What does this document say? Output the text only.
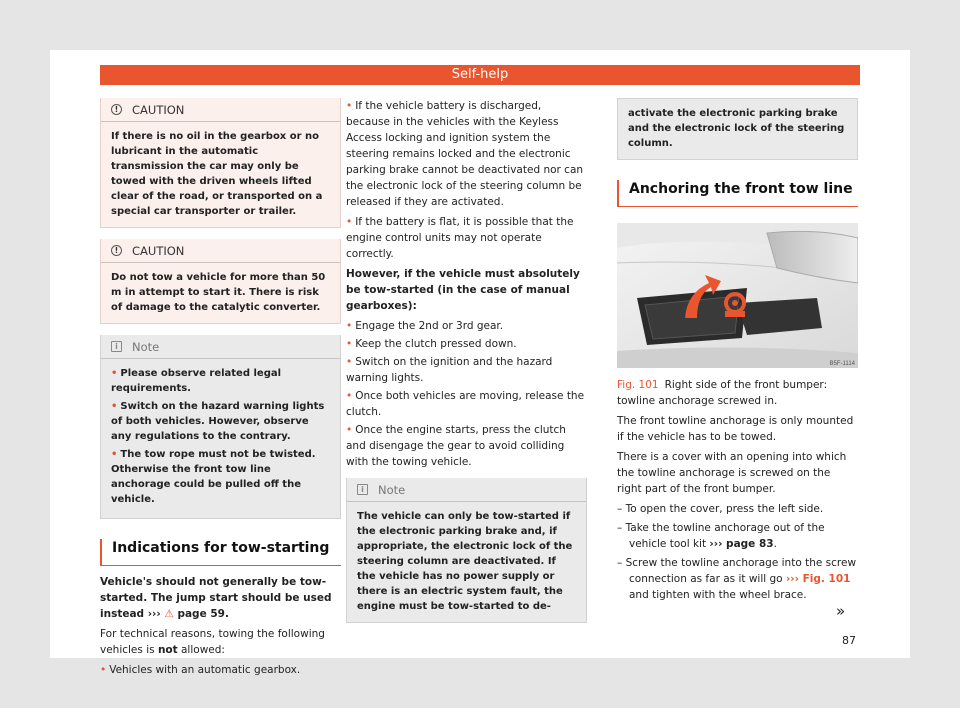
Self-help
!	CAUTION
If there is no oil in the gearbox or no lubricant in the automatic transmission the car may only be towed with the driven wheels lifted clear of the road, or transported on a special car transporter or trailer.
!	CAUTION
Do not tow a vehicle for more than 50 m in attempt to start it. There is risk of damage to the catalytic converter.
i	Note

• Please observe related legal requirements.

• Switch on the hazard warning lights of both vehicles. However, observe any regulations to the contrary.

• The tow rope must not be twisted. Otherwise the front tow line anchorage could be pulled off the vehicle.

Indications for tow-starting

Vehicle's should not generally be tow-started. The jump start should be used instead ››› ⚠ page 59.

For technical reasons, towing the following vehicles is not allowed:

• Vehicles with an automatic gearbox.

• If the vehicle battery is discharged, because in the vehicles with the Keyless Access locking and ignition system the steering remains locked and the electronic parking brake cannot be deactivated nor can the electronic lock of the steering column be released if they are activated.

• If the battery is flat, it is possible that the engine control units may not operate correctly.

However, if the vehicle must absolutely be tow-started (in the case of manual gearboxes):

• Engage the 2nd or 3rd gear.

• Keep the clutch pressed down.

• Switch on the ignition and the hazard warning lights.

• Once both vehicles are moving, release the clutch.

• Once the engine starts, press the clutch and disengage the gear to avoid colliding with the towing vehicle.

i	Note
The vehicle can only be tow-started if the electronic parking brake and, if appropriate, the electronic lock of the steering column are deactivated. If the vehicle has no power supply or there is an electric system fault, the engine must be tow-started to de-
activate the electronic parking brake and the electronic lock of the steering column.
Anchoring the front tow line
B5F-1114

Fig. 101 Right side of the front bumper: towline anchorage screwed in.

The front towline anchorage is only mounted if the vehicle has to be towed.

There is a cover with an opening into which the towline anchorage is screwed on the right part of the front bumper.

– To open the cover, press the left side.

– Take the towline anchorage out of the vehicle tool kit ››› page 83.

– Screw the towline anchorage into the screw connection as far as it will go ››› Fig. 101 and tighten with the wheel brace.

»
87
